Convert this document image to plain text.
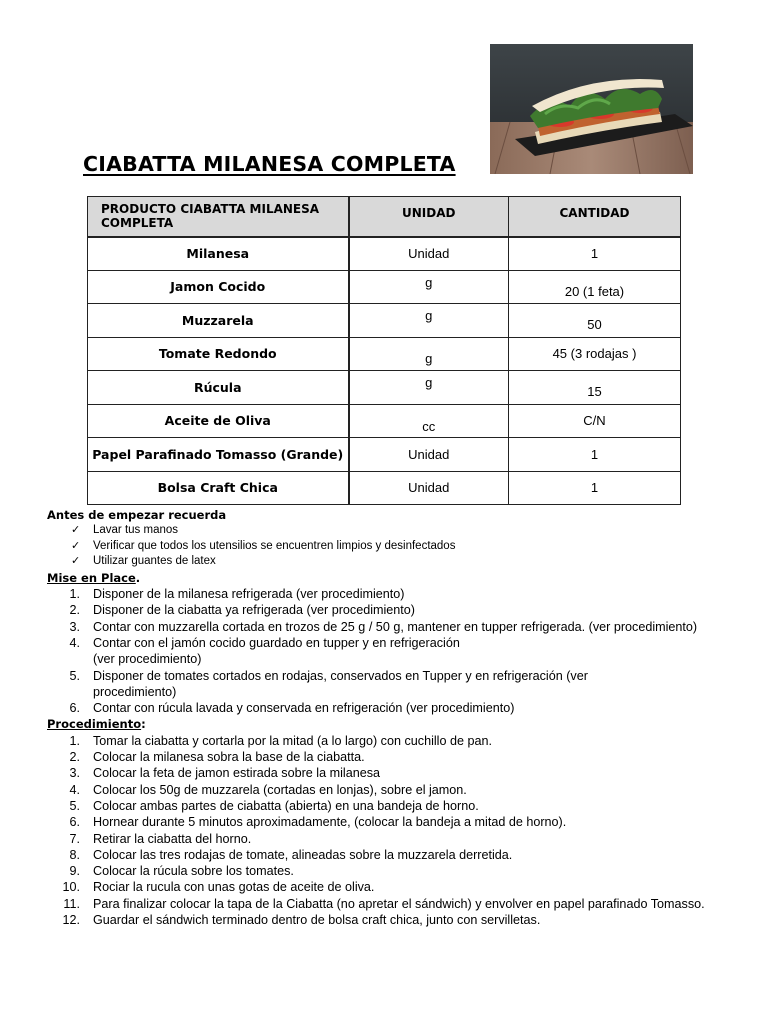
CIABATTA MILANESA COMPLETA
PRODUCTO CIABATTA MILANESA COMPLETA	UNIDAD	CANTIDAD
Milanesa	Unidad	1
Jamon Cocido	g	20 (1 feta)
Muzzarela	g	50
Tomate Redondo	g	45 (3 rodajas )
Rúcula	g	15
Aceite de Oliva	cc	C/N
Papel Parafinado Tomasso (Grande)	Unidad	1
Bolsa Craft Chica	Unidad	1
Antes de empezar recuerda
✓ Lavar tus manos
✓ Verificar que todos los utensilios se encuentren limpios y desinfectados
✓ Utilizar guantes de latex
Mise en Place.
1. Disponer de la milanesa refrigerada (ver procedimiento)
2. Disponer de la ciabatta ya refrigerada (ver procedimiento)
3. Contar con muzzarella cortada en trozos de 25 g / 50 g, mantener en tupper refrigerada. (ver procedimiento)
4. Contar con el jamón cocido guardado en tupper y en refrigeración
(ver procedimiento)
5. Disponer de tomates cortados en rodajas, conservados en Tupper y en refrigeración (ver
procedimiento)
6. Contar con rúcula lavada y conservada en refrigeración (ver procedimiento)
Procedimiento:
1. Tomar la ciabatta y cortarla por la mitad (a lo largo) con cuchillo de pan.
2. Colocar la milanesa sobra la base de la ciabatta.
3. Colocar la feta de jamon estirada sobre la milanesa
4. Colocar los 50g de muzzarela (cortadas en lonjas), sobre el jamon.
5. Colocar ambas partes de ciabatta (abierta) en una bandeja de horno.
6. Hornear durante 5 minutos aproximadamente, (colocar la bandeja a mitad de horno).
7. Retirar la ciabatta del horno.
8. Colocar las tres rodajas de tomate, alineadas sobre la muzzarela derretida.
9. Colocar la rúcula sobre los tomates.
10. Rociar la rucula con unas gotas de aceite de oliva.
11. Para finalizar colocar la tapa de la Ciabatta (no apretar el sándwich) y envolver en papel parafinado Tomasso.
12. Guardar el sándwich terminado dentro de bolsa craft chica, junto con servilletas.
